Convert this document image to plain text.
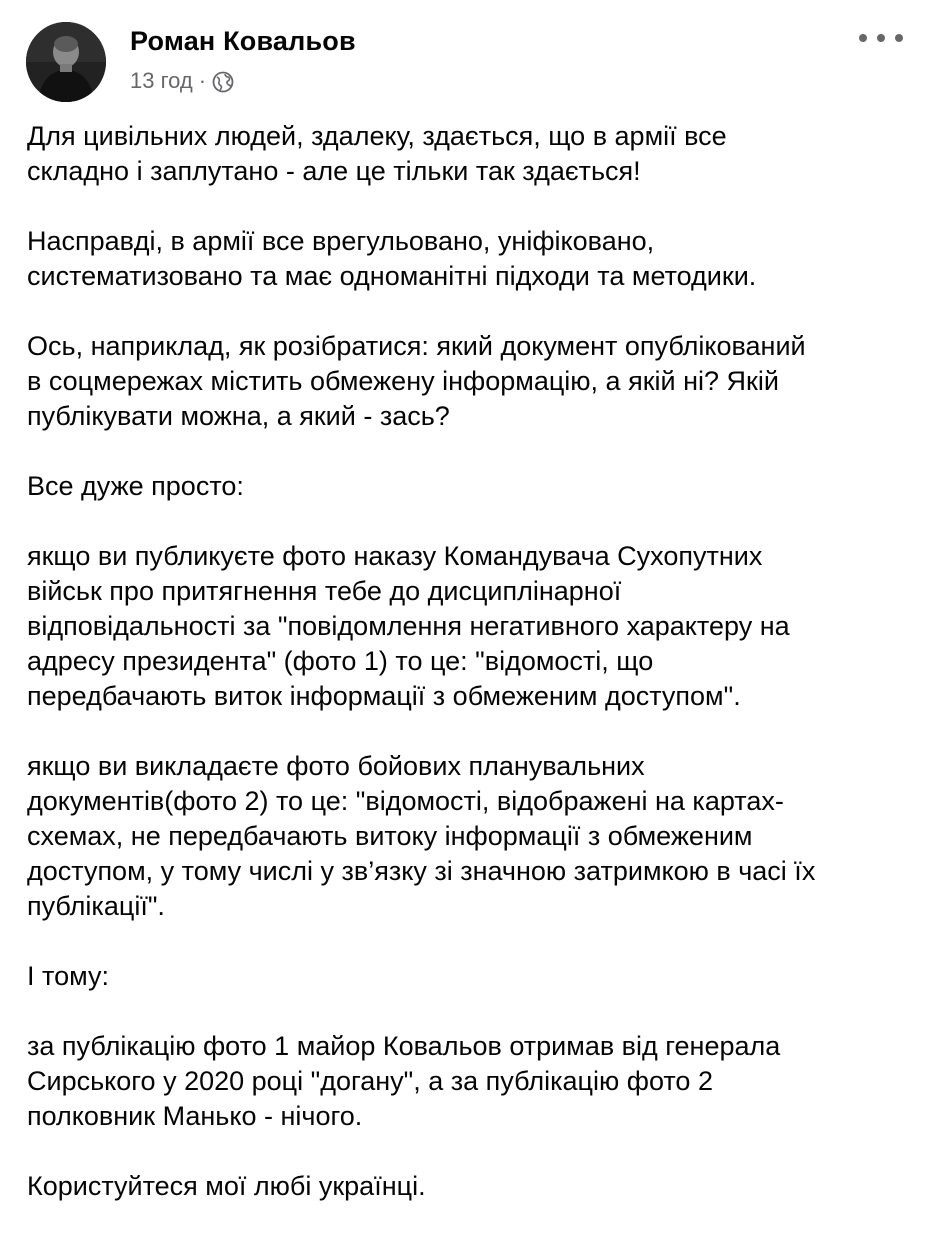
Роман Ковальов
13 год ·

Для цивільних людей, здалеку, здається, що в армії все
складно і заплутано - але це тільки так здається!

Насправді, в армії все врегульовано, уніфіковано,
систематизовано та має одноманітні підходи та методики.

Ось, наприклад, як розібратися: який документ опублікований
в соцмережах містить обмежену інформацію, а якій ні? Якій
публікувати можна, а який - зась?

Все дуже просто:

якщо ви публикуєте фото наказу Командувача Сухопутних
військ про притягнення тебе до дисциплінарної
відповідальності за "повідомлення негативного характеру на
адресу президента" (фото 1) то це: "відомості, що
передбачають виток інформації з обмеженим доступом".

якщо ви викладаєте фото бойових планувальних
документів(фото 2) то це: "відомості, відображені на картах-
схемах, не передбачають витоку інформації з обмеженим
доступом, у тому числі у зв’язку зі значною затримкою в часі їх
публікації".

І тому:

за публікацію фото 1 майор Ковальов отримав від генерала
Сирського у 2020 році "догану", а за публікацію фото 2
полковник Манько - нічого.

Користуйтеся мої любі українці.
